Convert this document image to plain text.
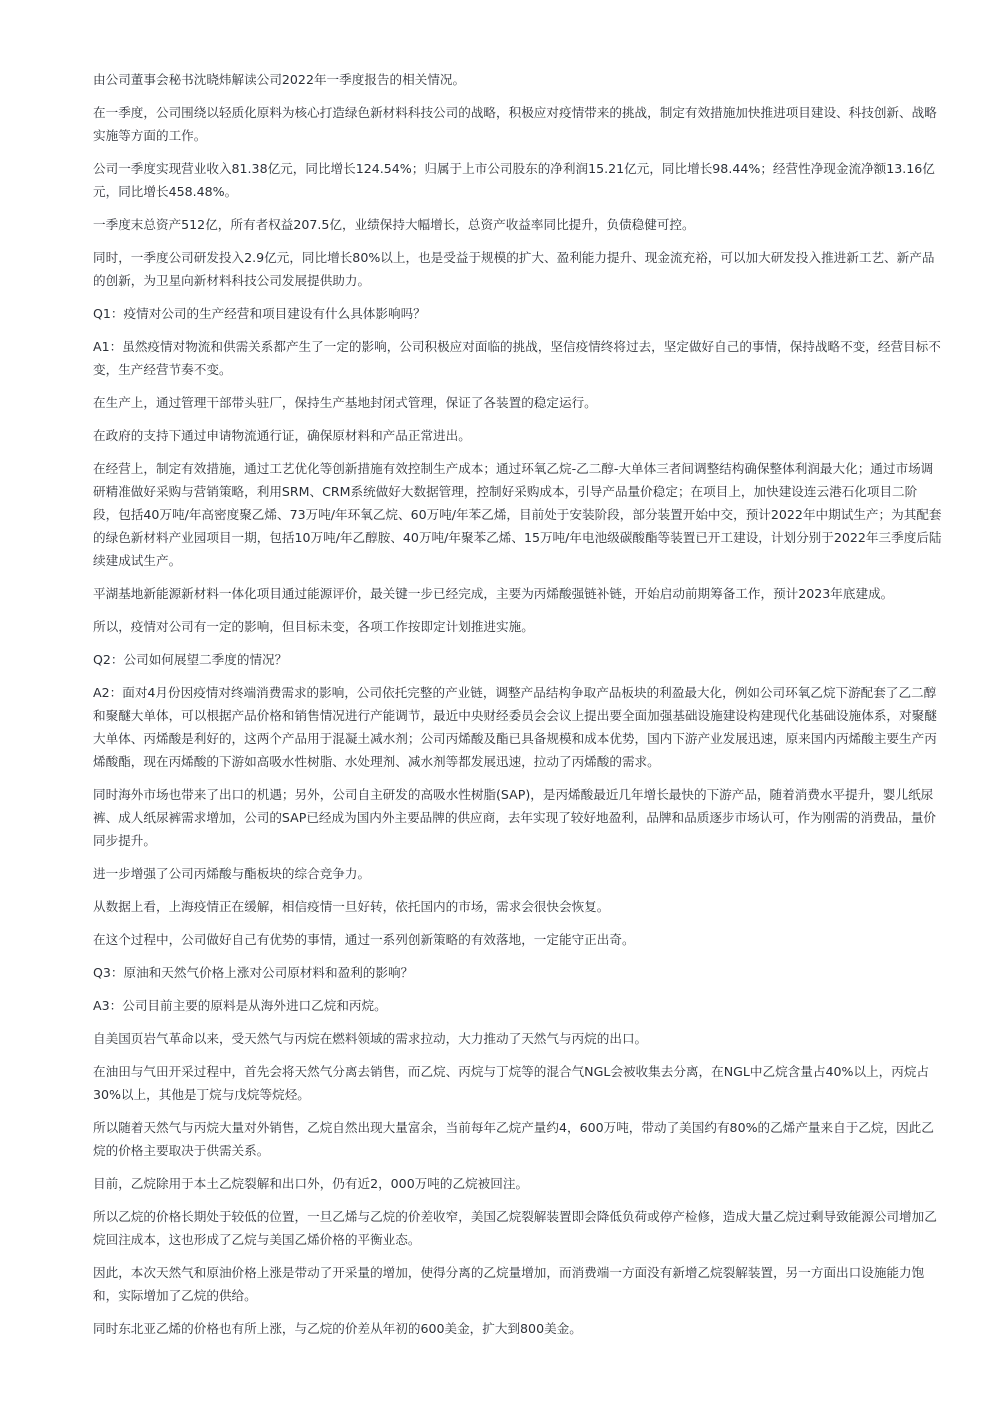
由公司董事会秘书沈晓炜解读公司2022年一季度报告的相关情况。

在一季度，公司围绕以轻质化原料为核心打造绿色新材料科技公司的战略，积极应对疫情带来的挑战，制定有效措施加快推进项目建设、科技创新、战略实施等方面的工作。

公司一季度实现营业收入81.38亿元，同比增长124.54%；归属于上市公司股东的净利润15.21亿元，同比增长98.44%；经营性净现金流净额13.16亿元，同比增长458.48%。

一季度末总资产512亿，所有者权益207.5亿，业绩保持大幅增长，总资产收益率同比提升，负债稳健可控。

同时，一季度公司研发投入2.9亿元，同比增长80%以上，也是受益于规模的扩大、盈利能力提升、现金流充裕，可以加大研发投入推进新工艺、新产品的创新，为卫星向新材料科技公司发展提供助力。

Q1：疫情对公司的生产经营和项目建设有什么具体影响吗？

A1：虽然疫情对物流和供需关系都产生了一定的影响，公司积极应对面临的挑战，坚信疫情终将过去，坚定做好自己的事情，保持战略不变，经营目标不变，生产经营节奏不变。

在生产上，通过管理干部带头驻厂，保持生产基地封闭式管理，保证了各装置的稳定运行。

在政府的支持下通过申请物流通行证，确保原材料和产品正常进出。

在经营上，制定有效措施，通过工艺优化等创新措施有效控制生产成本；通过环氧乙烷-乙二醇-大单体三者间调整结构确保整体利润最大化；通过市场调研精准做好采购与营销策略，利用SRM、CRM系统做好大数据管理，控制好采购成本，引导产品量价稳定；在项目上，加快建设连云港石化项目二阶段，包括40万吨/年高密度聚乙烯、73万吨/年环氧乙烷、60万吨/年苯乙烯，目前处于安装阶段，部分装置开始中交，预计2022年中期试生产；为其配套的绿色新材料产业园项目一期，包括10万吨/年乙醇胺、40万吨/年聚苯乙烯、15万吨/年电池级碳酸酯等装置已开工建设，计划分别于2022年三季度后陆续建成试生产。

平湖基地新能源新材料一体化项目通过能源评价，最关键一步已经完成，主要为丙烯酸强链补链，开始启动前期筹备工作，预计2023年底建成。

所以，疫情对公司有一定的影响，但目标未变，各项工作按即定计划推进实施。

Q2：公司如何展望二季度的情况？

A2：面对4月份因疫情对终端消费需求的影响，公司依托完整的产业链，调整产品结构争取产品板块的利盈最大化，例如公司环氧乙烷下游配套了乙二醇和聚醚大单体，可以根据产品价格和销售情况进行产能调节，最近中央财经委员会会议上提出要全面加强基础设施建设构建现代化基础设施体系，对聚醚大单体、丙烯酸是利好的，这两个产品用于混凝土减水剂；公司丙烯酸及酯已具备规模和成本优势，国内下游产业发展迅速，原来国内丙烯酸主要生产丙烯酸酯，现在丙烯酸的下游如高吸水性树脂、水处理剂、减水剂等都发展迅速，拉动了丙烯酸的需求。

同时海外市场也带来了出口的机遇；另外，公司自主研发的高吸水性树脂(SAP)，是丙烯酸最近几年增长最快的下游产品，随着消费水平提升，婴儿纸尿裤、成人纸尿裤需求增加，公司的SAP已经成为国内外主要品牌的供应商，去年实现了较好地盈利，品牌和品质逐步市场认可，作为刚需的消费品，量价同步提升。

进一步增强了公司丙烯酸与酯板块的综合竞争力。

从数据上看，上海疫情正在缓解，相信疫情一旦好转，依托国内的市场，需求会很快会恢复。

在这个过程中，公司做好自己有优势的事情，通过一系列创新策略的有效落地，一定能守正出奇。

Q3：原油和天然气价格上涨对公司原材料和盈利的影响？

A3：公司目前主要的原料是从海外进口乙烷和丙烷。

自美国页岩气革命以来，受天然气与丙烷在燃料领域的需求拉动，大力推动了天然气与丙烷的出口。

在油田与气田开采过程中，首先会将天然气分离去销售，而乙烷、丙烷与丁烷等的混合气NGL会被收集去分离，在NGL中乙烷含量占40%以上，丙烷占30%以上，其他是丁烷与戊烷等烷烃。

所以随着天然气与丙烷大量对外销售，乙烷自然出现大量富余，当前每年乙烷产量约4，600万吨，带动了美国约有80%的乙烯产量来自于乙烷，因此乙烷的价格主要取决于供需关系。

目前，乙烷除用于本土乙烷裂解和出口外，仍有近2，000万吨的乙烷被回注。

所以乙烷的价格长期处于较低的位置，一旦乙烯与乙烷的价差收窄，美国乙烷裂解装置即会降低负荷或停产检修，造成大量乙烷过剩导致能源公司增加乙烷回注成本，这也形成了乙烷与美国乙烯价格的平衡业态。

因此，本次天然气和原油价格上涨是带动了开采量的增加，使得分离的乙烷量增加，而消费端一方面没有新增乙烷裂解装置，另一方面出口设施能力饱和，实际增加了乙烷的供给。

同时东北亚乙烯的价格也有所上涨，与乙烷的价差从年初的600美金，扩大到800美金。
